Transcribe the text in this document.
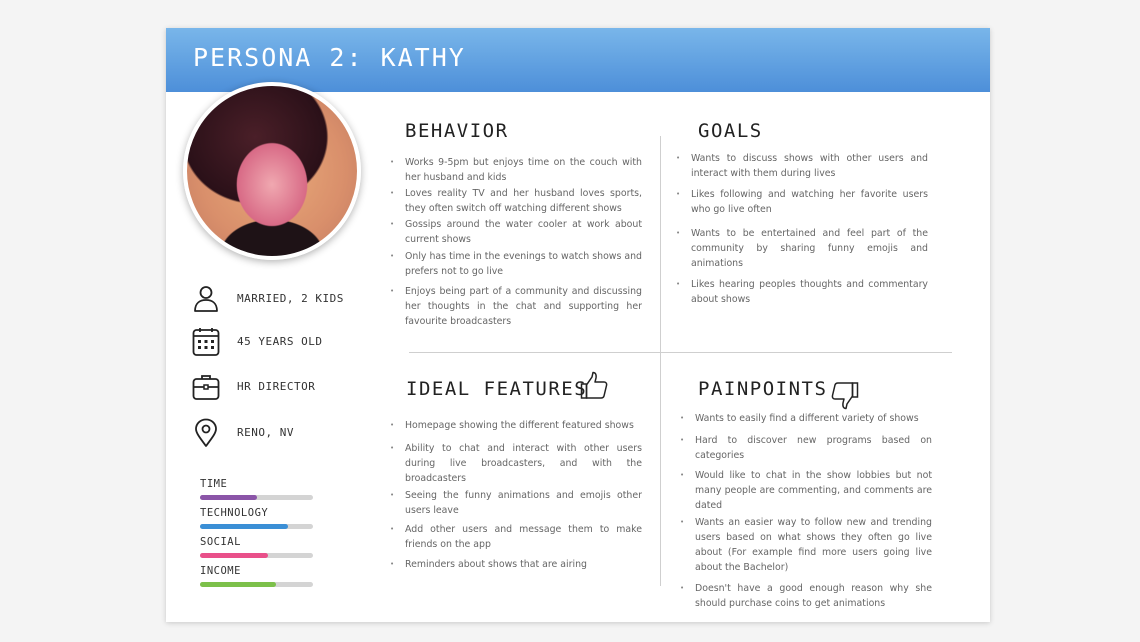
PERSONA 2: KATHY
MARRIED, 2 KIDS
45 YEARS OLD
HR DIRECTOR
RENO, NV
TIME
TECHNOLOGY
SOCIAL
INCOME
BEHAVIOR
• Works 9-5pm but enjoys time on the couch with her husband and kids
• Loves reality TV and her husband loves sports, they often switch off watching different shows
• Gossips around the water cooler at work about current shows
• Only has time in the evenings to watch shows and prefers not to go live
• Enjoys being part of a community and discussing her thoughts in the chat and supporting her favourite broadcasters
GOALS
• Wants to discuss shows with other users and interact with them during lives
• Likes following and watching her favorite users who go live often
• Wants to be entertained and feel part of the community by sharing funny emojis and animations
• Likes hearing peoples thoughts and commentary about shows
IDEAL FEATURES
• Homepage showing the different featured shows
• Ability to chat and interact with other users during live broadcasters, and with the broadcasters
• Seeing the funny animations and emojis other users leave
• Add other users and message them to make friends on the app
• Reminders about shows that are airing
PAINPOINTS
• Wants to easily find a different variety of shows
• Hard to discover new programs based on categories
• Would like to chat in the show lobbies but not many people are commenting, and comments are dated
• Wants an easier way to follow new and trending users based on what shows they often go live about (For example find more users going live about the Bachelor)
• Doesn't have a good enough reason why she should purchase coins to get animations
